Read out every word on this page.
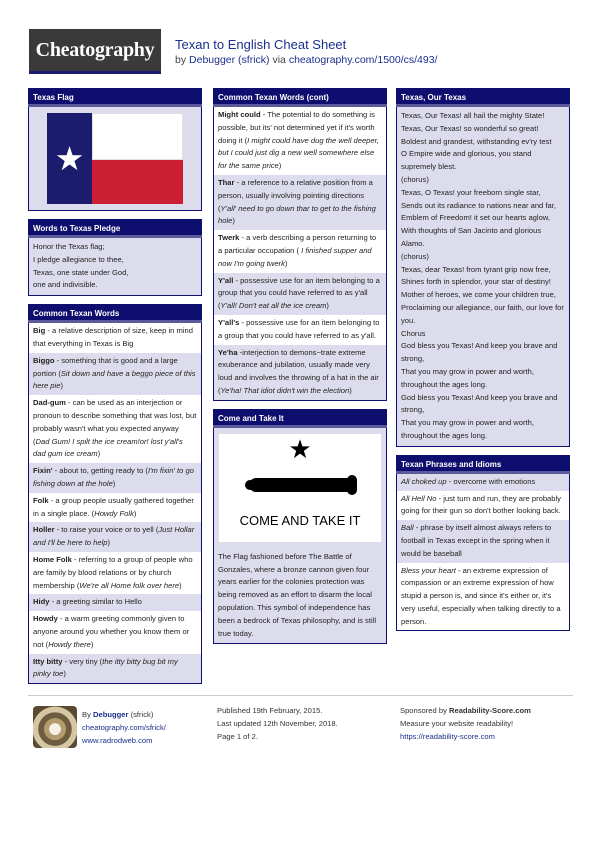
Cheatography	Texan to English Cheat Sheet
by Debugger (sfrick) via cheatography.com/1500/cs/493/
Texas Flag
★
Words to Texas Pledge
Honor the Texas flag;
I pledge allegiance to thee,
Texas, one state under God,
one and indivisible.
Common Texan Words
Big - a relative description of size, keep in mind that everything in Texas is Big
Biggo - something that is good and a large portion (Sit down and have a beggo piece of this here pie)
Dad-gum - can be used as an interjection or pronoun to describe something that was lost, but probably wasn't what you expected anyway (Dad Gum! I spilt the ice cream!or! lost y'all's dad gum ice cream)
Fixin' - about to, getting ready to (I'm fixin' to go fishing down at the hole)
Folk - a group people usually gathered together in a single place. (Howdy Folk)
Holler - to raise your voice or to yell (Just Hollar and I'll be here to help)
Home Folk - referring to a group of people who are family by blood relations or by church membership (We're all Home folk over here)
Hidy - a greeting similar to Hello
Howdy - a warm greeting commonly given to anyone around you whether you know them or not (Howdy there)
Itty bitty - very tiny (the itty bitty bug bit my pinky toe)
Common Texan Words (cont)
Might could - The potential to do something is possible, but its' not determined yet if it's worth doing it (I might could have dug the well deeper, but I could just dig a new well somewhere else for the same price)
Thar - a reference to a relative position from a person, usually involving pointing directions (Y'all' need to go down thar to get to the fishing hole)
Twerk - a verb describing a person returning to a particular occupation ( I finished supper and now I'm going twerk)
Y'all - possessive use for an item belonging to a group that you could have referred to as y'all (Y'all! Don't eat all the ice cream)
Y'all's - possessive use for an item belonging to a group that you could have referred to as y'all.
Ye'ha -interjection to demons~trate extreme exuberance and jubilation, usually made very loud and involves the throwing of a hat in the air (Ye'ha! That idiot didn't win the election)
Come and Take It
★
COME AND TAKE IT
The Flag fashioned before The Battle of Gonzales, where a bronze cannon given four years earlier for the colonies protection was being removed as an effort to disarm the local population. This symbol of independence has been a bedrock of Texas philosophy, and is still true today.
Texas, Our Texas
Texas, Our Texas! all hail the mighty State!
Texas, Our Texas! so wonderful so great!
Boldest and grandest, withstanding ev'ry test
O Empire wide and glorious, you stand supremely blest.
(chorus)
Texas, O Texas! your freeborn single star,
Sends out its radiance to nations near and far,
Emblem of Freedom! it set our hearts aglow,
With thoughts of San Jacinto and glorious Alamo.
(chorus)
Texas, dear Texas! from tyrant grip now free,
Shines forth in splendor, your star of destiny!
Mother of heroes, we come your children true,
Proclaiming our allegiance, our faith, our love for you.
Chorus
God bless you Texas! And keep you brave and strong,
That you may grow in power and worth, throughout the ages long.
God bless you Texas! And keep you brave and strong,
That you may grow in power and worth, throughout the ages long.
Texan Phrases and Idioms
All choked up - overcome with emotions
All Hell No - just turn and run, they are probably going for their gun so don't bother looking back.
Ball - phrase by itself almost always refers to football in Texas except in the spring when it would be baseball
Bless your heart - an extreme expression of compassion or an extreme expression of how stupid a person is, and since it's either or, it's very useful, especially when talking directly to a person.
By Debugger (sfrick)
cheatography.com/sfrick/
www.radrodweb.com
Published 19th February, 2015.
Last updated 12th November, 2018.
Page 1 of 2.
Sponsored by Readability-Score.com
Measure your website readability!
https://readability-score.com
